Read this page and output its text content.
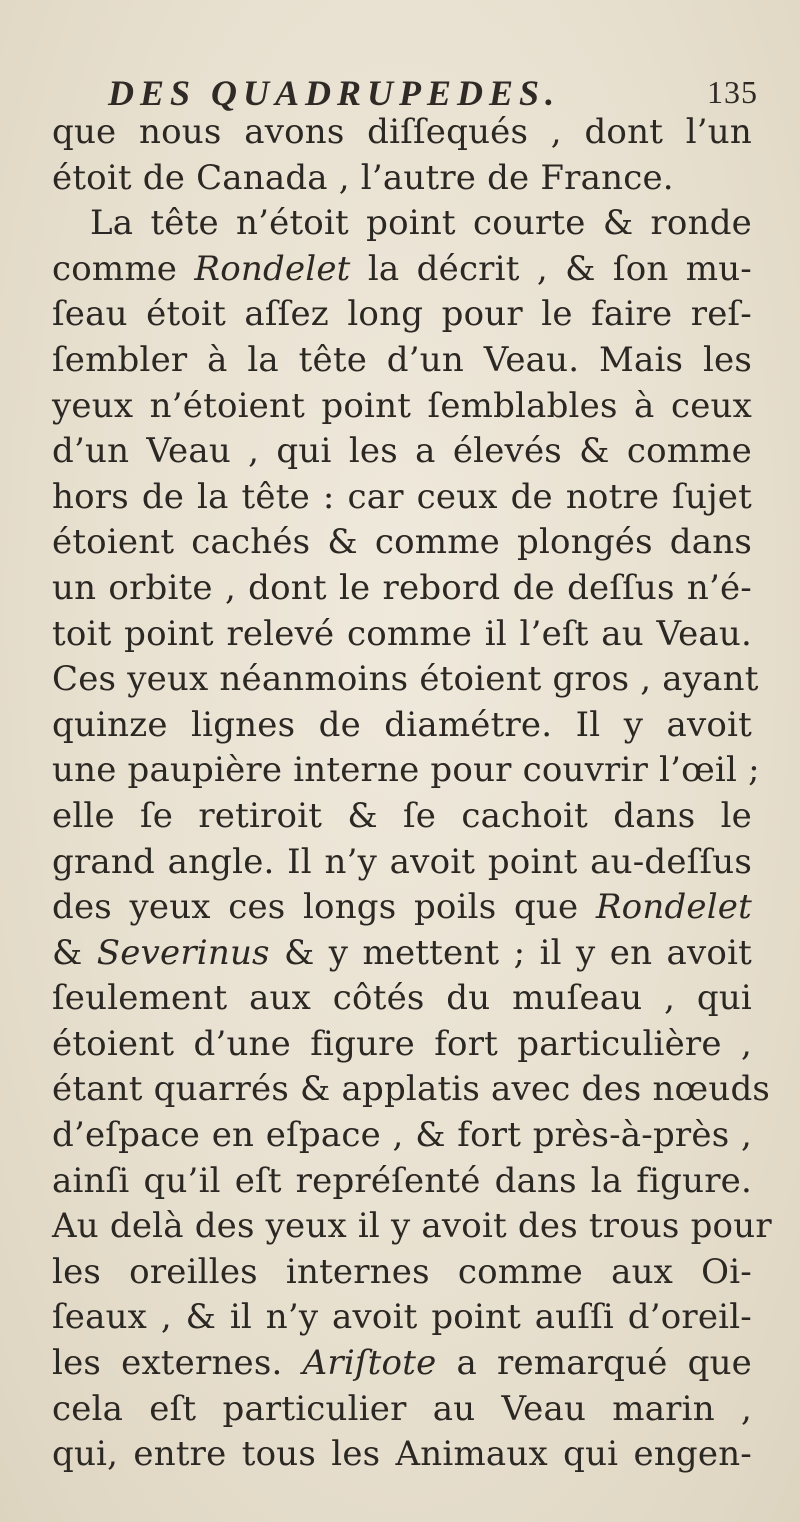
DES QUADRUPEDES.	135
que nous avons diſſequés , dont l’un
étoit de Canada , l’autre de France.
La tête n’étoit point courte & ronde
comme Rondelet la décrit , & ſon mu-
ſeau étoit aſſez long pour le faire reſ-
ſembler à la tête d’un Veau. Mais les
yeux n’étoient point ſemblables à ceux
d’un Veau , qui les a élevés & comme
hors de la tête : car ceux de notre ſujet
étoient cachés & comme plongés dans
un orbite , dont le rebord de deſſus n’é-
toit point relevé comme il l’eſt au Veau.
Ces yeux néanmoins étoient gros , ayant
quinze lignes de diamétre. Il y avoit
une paupière interne pour couvrir l’œil ;
elle ſe retiroit & ſe cachoit dans le
grand angle. Il n’y avoit point au-deſſus
des yeux ces longs poils que Rondelet
& Severinus & y mettent ; il y en avoit
ſeulement aux côtés du muſeau , qui
étoient d’une figure fort particulière ,
étant quarrés & applatis avec des nœuds
d’eſpace en eſpace , & fort près-à-près ,
ainſi qu’il eſt repréſenté dans la figure.
Au delà des yeux il y avoit des trous pour
les oreilles internes comme aux Oi-
ſeaux , & il n’y avoit point auſſi d’oreil-
les externes. Ariſtote a remarqué que
cela eſt particulier au Veau marin ,
qui, entre tous les Animaux qui engen-
